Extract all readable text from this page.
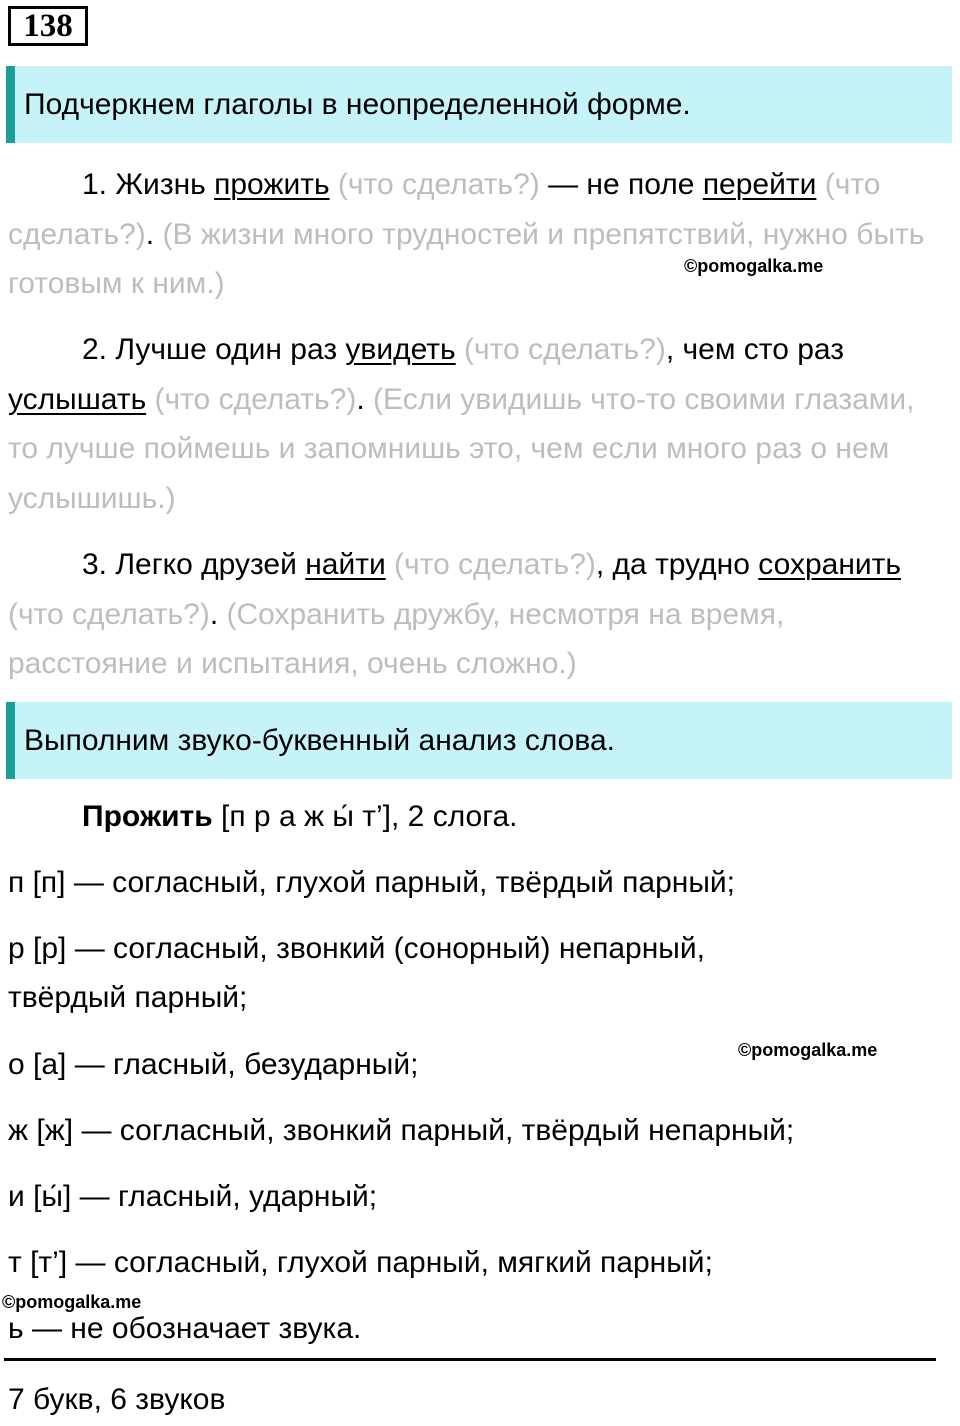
138
Подчеркнем глаголы в неопределенной форме.

1. Жизнь прожить (что сделать?) — не поле перейти (что сделать?). (В жизни много трудностей и препятствий, нужно быть готовым к ним.)

2. Лучше один раз увидеть (что сделать?), чем сто раз услышать (что сделать?). (Если увидишь что-то своими глазами, то лучше поймешь и запомнишь это, чем если много раз о нем услышишь.)

3. Легко друзей найти (что сделать?), да трудно сохранить (что сделать?). (Сохранить дружбу, несмотря на время, расстояние и испытания, очень сложно.)

©pomogalka.me
Выполним звуко-буквенный анализ слова.
Прожить [п р а ж ы́ т’], 2 слога.
п [п] — согласный, глухой парный, твёрдый парный;
р [р] — согласный, звонкий (сонорный) непарный,
твёрдый парный;
©pomogalka.me
о [а] — гласный, безударный;
ж [ж] — согласный, звонкий парный, твёрдый непарный;
и [ы́] — гласный, ударный;
т [т’] — согласный, глухой парный, мягкий парный;
©pomogalka.me
ь — не обозначает звука.
7 букв, 6 звуков
